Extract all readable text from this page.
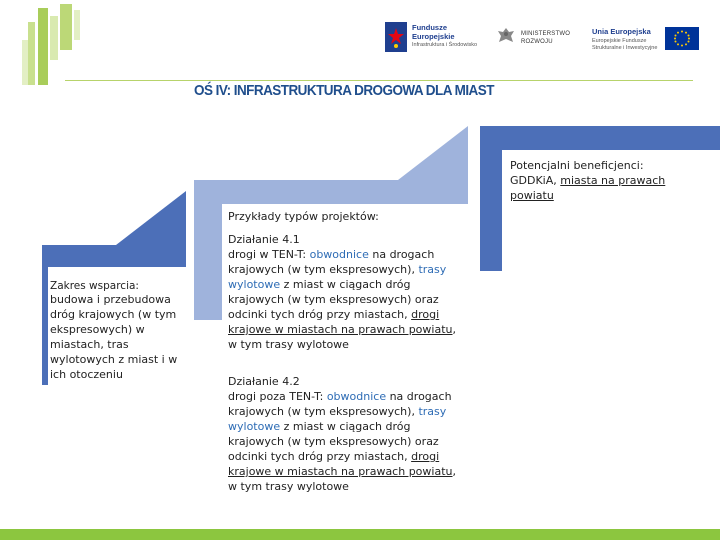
Fundusze
Europejskie
Infrastruktura i Środowisko
MINISTERSTWO
ROZWOJU
Unia Europejska
Europejskie Fundusze
Strukturalne i Inwestycyjne
OŚ IV: INFRASTRUKTURA DROGOWA DLA MIAST
Zakres wsparcia:
budowa i przebudowa dróg krajowych (w tym ekspresowych) w miastach, tras wylotowych z miast i w ich otoczeniu
Przykłady typów projektów:
Działanie 4.1
drogi w TEN-T: obwodnice na drogach krajowych (w tym ekspresowych), trasy wylotowe z miast w ciągach dróg krajowych (w tym ekspresowych) oraz odcinki tych dróg przy miastach, drogi krajowe w miastach na prawach powiatu, w tym trasy wylotowe
Działanie 4.2
drogi poza TEN-T: obwodnice na drogach krajowych (w tym ekspresowych), trasy wylotowe z miast w ciągach dróg krajowych (w tym ekspresowych) oraz odcinki tych dróg przy miastach, drogi krajowe w miastach na prawach powiatu, w tym trasy wylotowe
Potencjalni beneficjenci:
GDDKiA, miasta na prawach powiatu
